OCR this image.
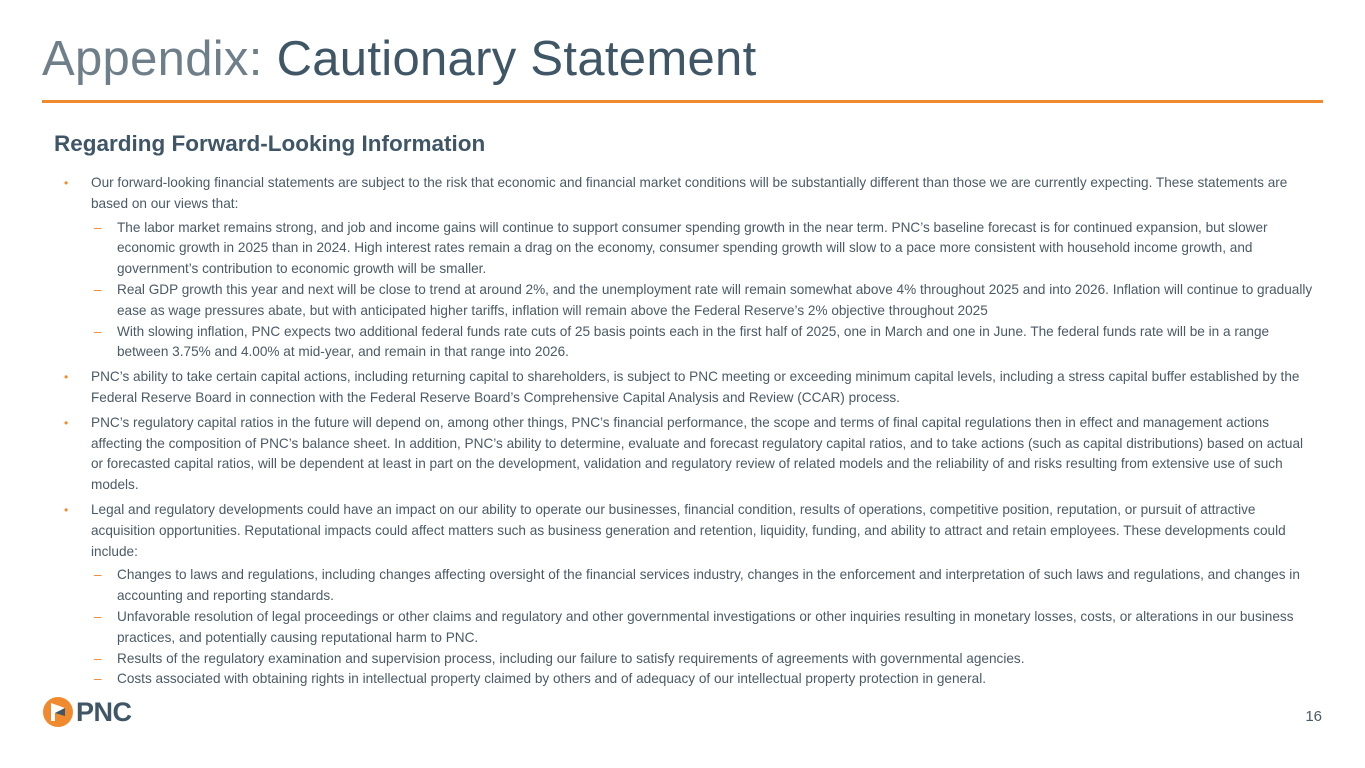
Appendix: Cautionary Statement
Regarding Forward-Looking Information
• Our forward-looking financial statements are subject to the risk that economic and financial market conditions will be substantially different than those we are currently expecting. These statements are based on our views that:
– The labor market remains strong, and job and income gains will continue to support consumer spending growth in the near term. PNC’s baseline forecast is for continued expansion, but slower economic growth in 2025 than in 2024. High interest rates remain a drag on the economy, consumer spending growth will slow to a pace more consistent with household income growth, and government’s contribution to economic growth will be smaller.
– Real GDP growth this year and next will be close to trend at around 2%, and the unemployment rate will remain somewhat above 4% throughout 2025 and into 2026. Inflation will continue to gradually ease as wage pressures abate, but with anticipated higher tariffs, inflation will remain above the Federal Reserve’s 2% objective throughout 2025
– With slowing inflation, PNC expects two additional federal funds rate cuts of 25 basis points each in the first half of 2025, one in March and one in June. The federal funds rate will be in a range between 3.75% and 4.00% at mid-year, and remain in that range into 2026.
• PNC’s ability to take certain capital actions, including returning capital to shareholders, is subject to PNC meeting or exceeding minimum capital levels, including a stress capital buffer established by the Federal Reserve Board in connection with the Federal Reserve Board’s Comprehensive Capital Analysis and Review (CCAR) process.
• PNC’s regulatory capital ratios in the future will depend on, among other things, PNC’s financial performance, the scope and terms of final capital regulations then in effect and management actions affecting the composition of PNC’s balance sheet. In addition, PNC’s ability to determine, evaluate and forecast regulatory capital ratios, and to take actions (such as capital distributions) based on actual or forecasted capital ratios, will be dependent at least in part on the development, validation and regulatory review of related models and the reliability of and risks resulting from extensive use of such models.
• Legal and regulatory developments could have an impact on our ability to operate our businesses, financial condition, results of operations, competitive position, reputation, or pursuit of attractive acquisition opportunities. Reputational impacts could affect matters such as business generation and retention, liquidity, funding, and ability to attract and retain employees. These developments could include:
– Changes to laws and regulations, including changes affecting oversight of the financial services industry, changes in the enforcement and interpretation of such laws and regulations, and changes in accounting and reporting standards.
– Unfavorable resolution of legal proceedings or other claims and regulatory and other governmental investigations or other inquiries resulting in monetary losses, costs, or alterations in our business practices, and potentially causing reputational harm to PNC.
– Results of the regulatory examination and supervision process, including our failure to satisfy requirements of agreements with governmental agencies.
– Costs associated with obtaining rights in intellectual property claimed by others and of adequacy of our intellectual property protection in general.
PNC	16
